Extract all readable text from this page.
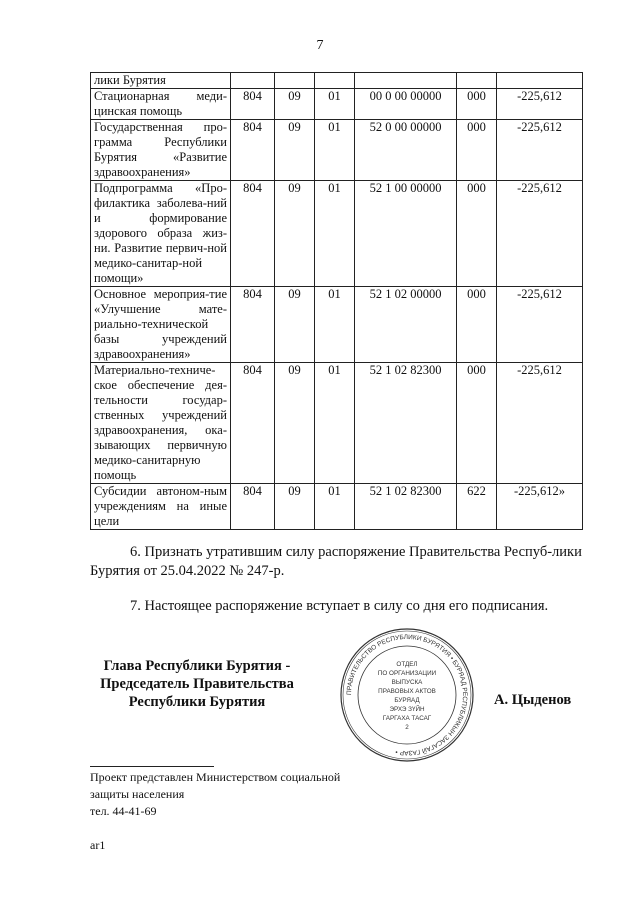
7
лики Бурятия						
Стационарная меди-цинская помощь	804	09	01	00 0 00 00000	000	-225,612
Государственная про-грамма Республики Бурятия «Развитие здравоохранения»	804	09	01	52 0 00 00000	000	-225,612
Подпрограмма «Про-филактика заболева-ний и формирование здорового образа жиз-ни. Развитие первич-ной медико-санитар-ной помощи»	804	09	01	52 1 00 00000	000	-225,612
Основное мероприя-тие «Улучшение мате-риально-технической базы учреждений здравоохранения»	804	09	01	52 1 02 00000	000	-225,612
Материально-техниче-ское обеспечение дея-тельности государ-ственных учреждений здравоохранения, ока-зывающих первичную медико-санитарную помощь	804	09	01	52 1 02 82300	000	-225,612
Субсидии автоном-ным учреждениям на иные цели	804	09	01	52 1 02 82300	622	-225,612»
6. Признать утратившим силу распоряжение Правительства Респуб-лики Бурятия от 25.04.2022 № 247-р.
7. Настоящее распоряжение вступает в силу со дня его подписания.
Глава Республики Бурятия -
Председатель Правительства
Республики Бурятия
ПРАВИТЕЛЬСТВО РЕСПУБЛИКИ БУРЯТИЯ • БУРЯАД РЕСПУБЛИКЫН ЗАСАГАЙ ГАЗАР •
ОТДЕЛ
ПО ОРГАНИЗАЦИИ
ВЫПУСКА
ПРАВОВЫХ АКТОВ
БУРЯАД
ЭРХЭ ЗҮЙН
ГАРГАХА ТАСАГ
2
А. Цыденов
Проект представлен Министерством социальной
защиты населения
тел. 44-41-69
ar1
